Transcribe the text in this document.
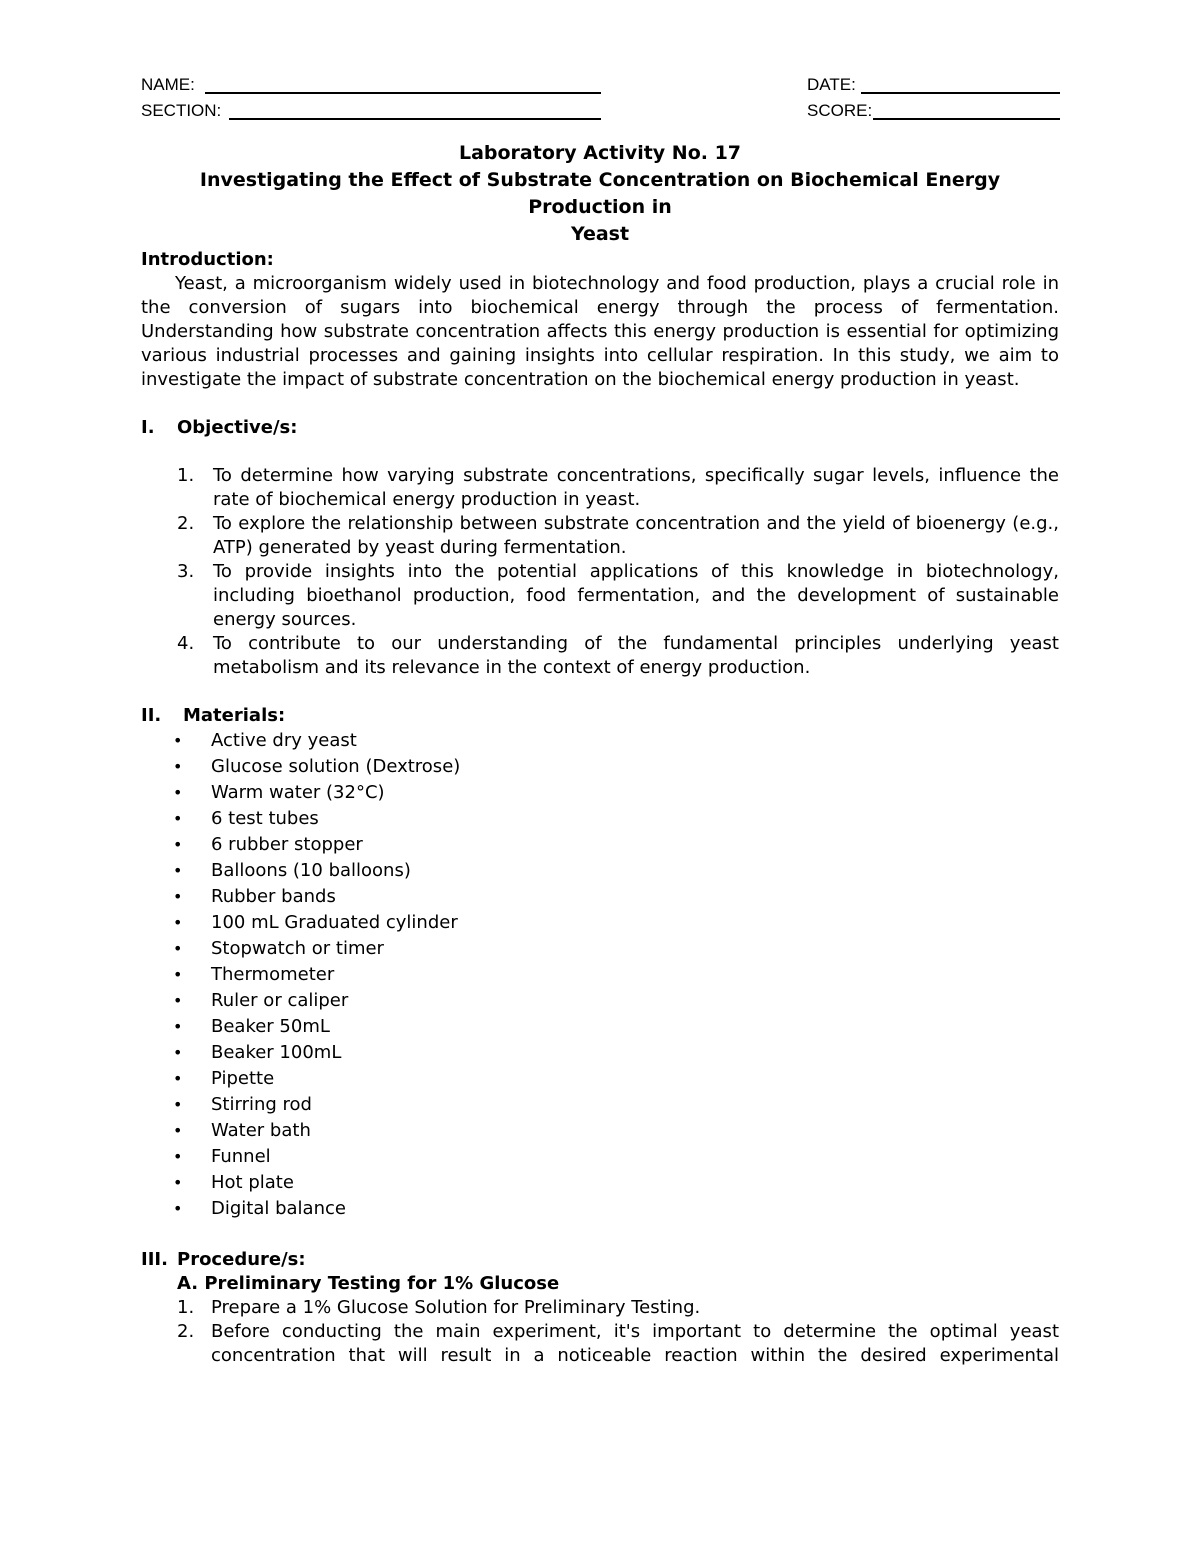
NAME:
SECTION:
DATE:
SCORE:
Laboratory Activity No. 17
Investigating the Effect of Substrate Concentration on Biochemical Energy Production in
Yeast
Introduction:
Yeast, a microorganism widely used in biotechnology and food production, plays a crucial role in the conversion of sugars into biochemical energy through the process of fermentation. Understanding how substrate concentration affects this energy production is essential for optimizing various industrial processes and gaining insights into cellular respiration. In this study, we aim to investigate the impact of substrate concentration on the biochemical energy production in yeast.
I.	Objective/s:
1.	To determine how varying substrate concentrations, specifically sugar levels, influence the rate of biochemical energy production in yeast.
2.	To explore the relationship between substrate concentration and the yield of bioenergy (e.g., ATP) generated by yeast during fermentation.
3.	To provide insights into the potential applications of this knowledge in biotechnology, including bioethanol production, food fermentation, and the development of sustainable energy sources.
4.	To contribute to our understanding of the fundamental principles underlying yeast metabolism and its relevance in the context of energy production.
II.	Materials:
•	Active dry yeast
•	Glucose solution (Dextrose)
•	Warm water (32°C)
•	6 test tubes
•	6 rubber stopper
•	Balloons (10 balloons)
•	Rubber bands
•	100 mL Graduated cylinder
•	Stopwatch or timer
•	Thermometer
•	Ruler or caliper
•	Beaker 50mL
•	Beaker 100mL
•	Pipette
•	Stirring rod
•	Water bath
•	Funnel
•	Hot plate
•	Digital balance
III. Procedure/s:
A. Preliminary Testing for 1% Glucose
1. Prepare a 1% Glucose Solution for Preliminary Testing.
2. Before conducting the main experiment, it's important to determine the optimal yeast
concentration that will result in a noticeable reaction within the desired experimental
